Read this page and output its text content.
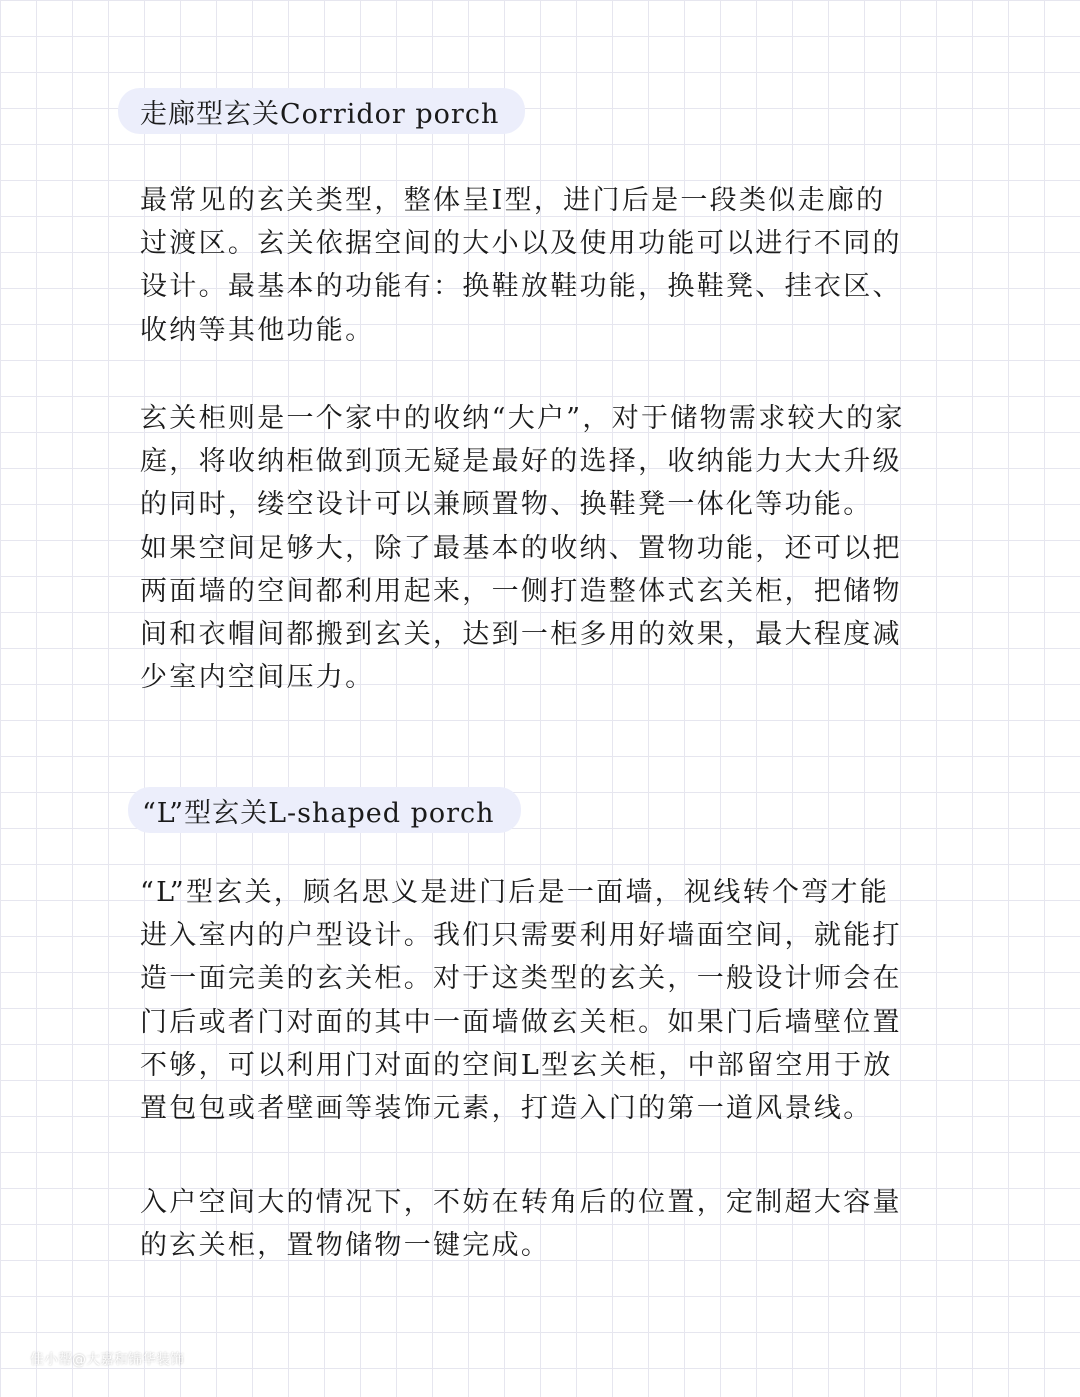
走廊型玄关Corridor porch

最常见的玄关类型，整体呈I型，进门后是一段类似走廊的
过渡区。玄关依据空间的大小以及使用功能可以进行不同的
设计。最基本的功能有：换鞋放鞋功能，换鞋凳、挂衣区、
收纳等其他功能。

玄关柜则是一个家中的收纳“大户”，对于储物需求较大的家
庭，将收纳柜做到顶无疑是最好的选择，收纳能力大大升级
的同时，缕空设计可以兼顾置物、换鞋凳一体化等功能。
如果空间足够大，除了最基本的收纳、置物功能，还可以把
两面墙的空间都利用起来，一侧打造整体式玄关柜，把储物
间和衣帽间都搬到玄关，达到一柜多用的效果，最大程度减
少室内空间压力。

“L”型玄关L-shaped porch

“L”型玄关，顾名思义是进门后是一面墙，视线转个弯才能
进入室内的户型设计。我们只需要利用好墙面空间，就能打
造一面完美的玄关柜。对于这类型的玄关，一般设计师会在
门后或者门对面的其中一面墙做玄关柜。如果门后墙壁位置
不够，可以利用门对面的空间L型玄关柜，中部留空用于放
置包包或者壁画等装饰元素，打造入门的第一道风景线。

入户空间大的情况下，不妨在转角后的位置，定制超大容量
的玄关柜，置物储物一键完成。

佳小帮@大嘉和锦华装饰
